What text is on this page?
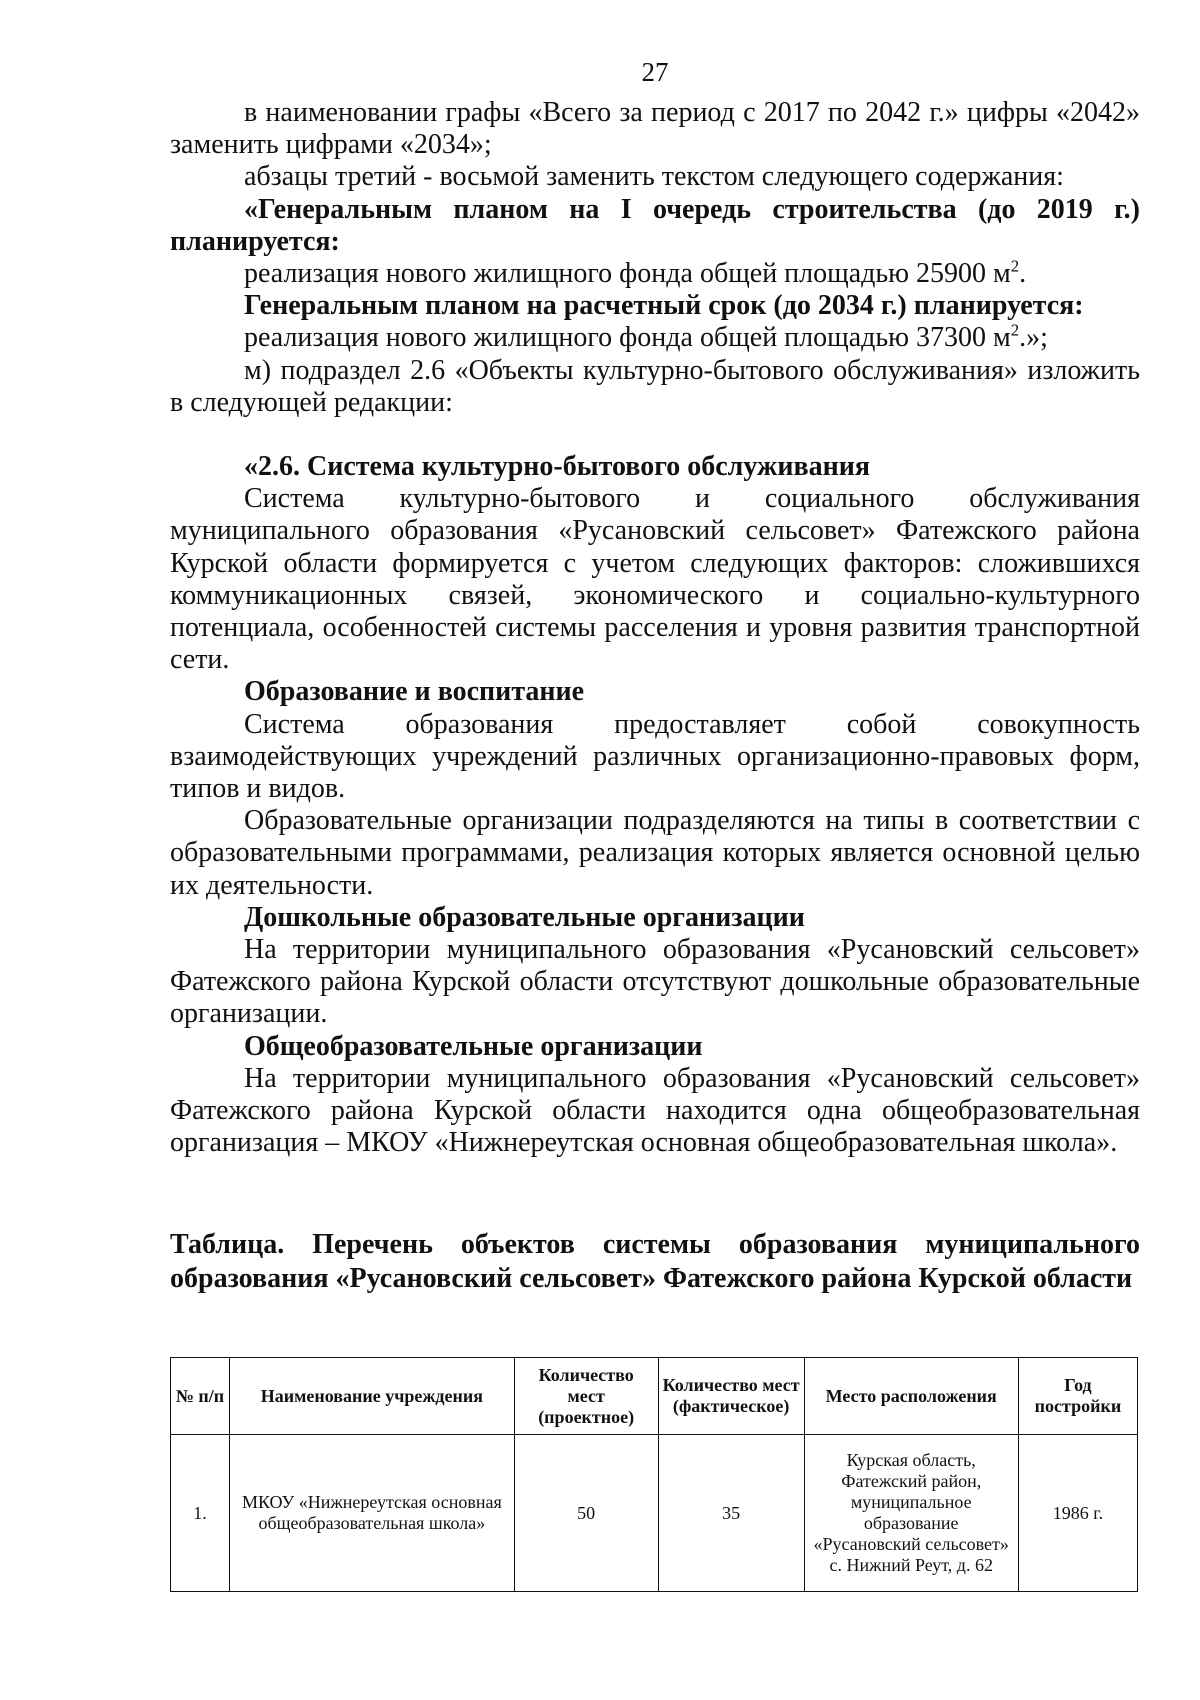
27

в наименовании графы «Всего за период с 2017 по 2042 г.» цифры «2042» заменить цифрами «2034»;

абзацы третий - восьмой заменить текстом следующего содержания:

«Генеральным планом на I очередь строительства (до 2019 г.) планируется:

реализация нового жилищного фонда общей площадью 25900 $м^2$.

Генеральным планом на расчетный срок (до 2034 г.) планируется:

реализация нового жилищного фонда общей площадью 37300 $м^2$.»;

м) подраздел 2.6 «Объекты культурно-бытового обслуживания» изложить в следующей редакции:

«2.6. Система культурно-бытового обслуживания

Система культурно-бытового и социального обслуживания муниципального образования «Русановский сельсовет» Фатежского района Курской области формируется с учетом следующих факторов: сложившихся коммуникационных связей, экономического и социально-культурного потенциала, особенностей системы расселения и уровня развития транспортной сети.

Образование и воспитание

Система образования предоставляет собой совокупность взаимодействующих учреждений различных организационно-правовых форм, типов и видов.

Образовательные организации подразделяются на типы в соответствии с образовательными программами, реализация которых является основной целью их деятельности.

Дошкольные образовательные организации

На территории муниципального образования «Русановский сельсовет» Фатежского района Курской области отсутствуют дошкольные образовательные организации.

Общеобразовательные организации

На территории муниципального образования «Русановский сельсовет» Фатежского района Курской области находится одна общеобразовательная организация – МКОУ «Нижнереутская основная общеобразовательная школа».

Таблица. Перечень объектов системы образования муниципального образования «Русановский сельсовет» Фатежского района Курской области
№ п/п	Наименование учреждения	Количество мест (проектное)	Количество мест (фактическое)	Место расположения	Год постройки
1.	МКОУ «Нижнереутская основная общеобразовательная школа»	50	35	Курская область, Фатежский район, муниципальное образование «Русановский сельсовет» с. Нижний Реут, д. 62	1986 г.
